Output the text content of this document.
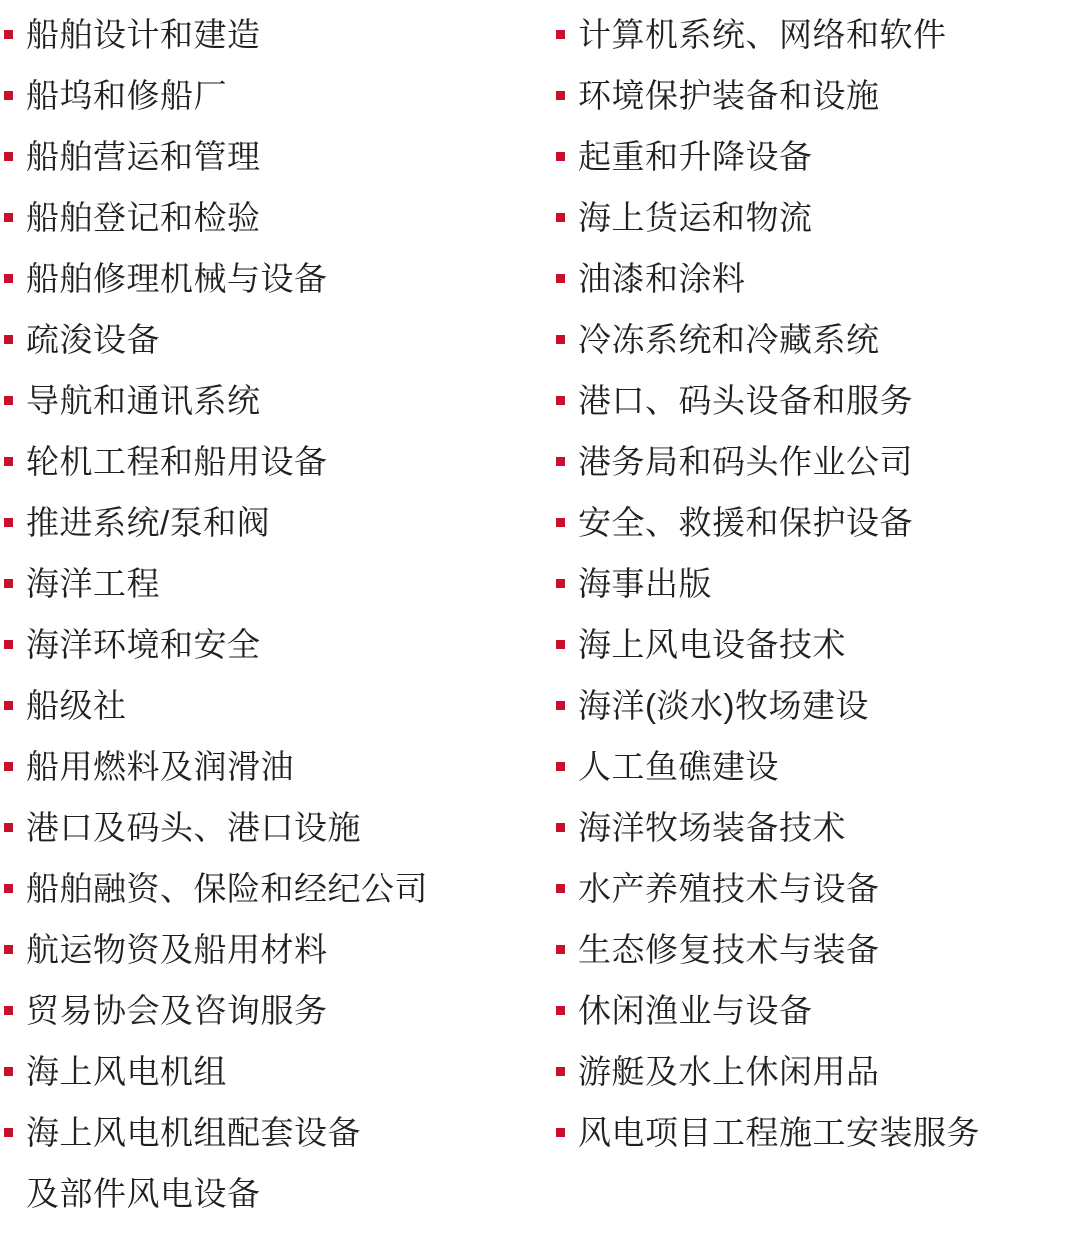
船舶设计和建造
船坞和修船厂
船舶营运和管理
船舶登记和检验
船舶修理机械与设备
疏浚设备
导航和通讯系统
轮机工程和船用设备
推进系统/泵和阀
海洋工程
海洋环境和安全
船级社
船用燃料及润滑油
港口及码头、港口设施
船舶融资、保险和经纪公司
航运物资及船用材料
贸易协会及咨询服务
海上风电机组
海上风电机组配套设备
及部件风电设备
计算机系统、网络和软件
环境保护装备和设施
起重和升降设备
海上货运和物流
油漆和涂料
冷冻系统和冷藏系统
港口、码头设备和服务
港务局和码头作业公司
安全、救援和保护设备
海事出版
海上风电设备技术
海洋(淡水)牧场建设
人工鱼礁建设
海洋牧场装备技术
水产养殖技术与设备
生态修复技术与装备
休闲渔业与设备
游艇及水上休闲用品
风电项目工程施工安装服务
